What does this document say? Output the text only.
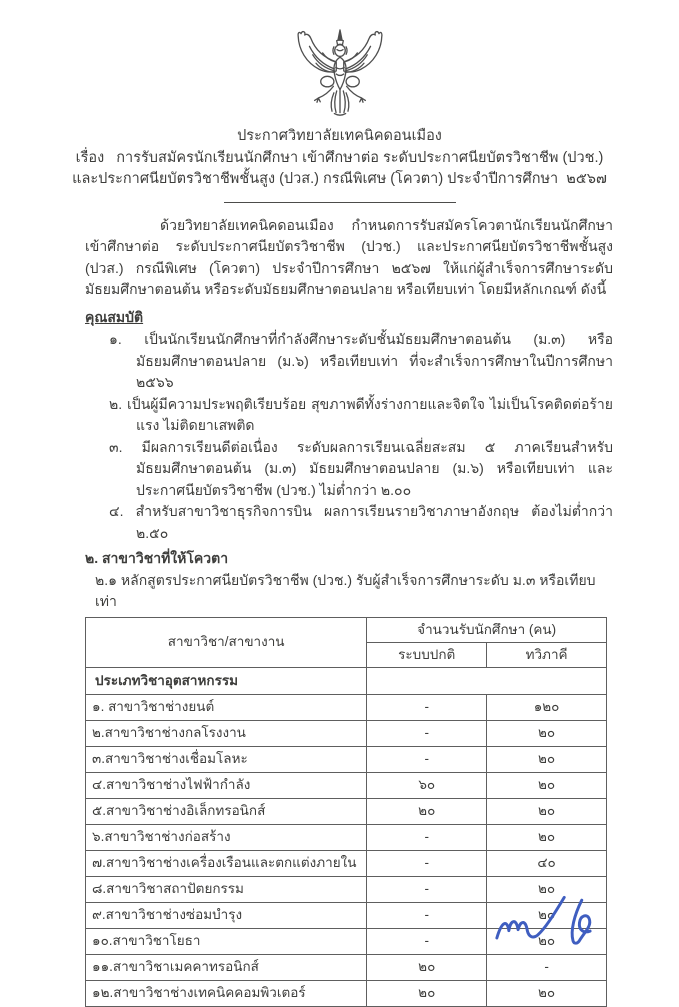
ประกาศวิทยาลัยเทคนิคดอนเมือง
เรื่อง   การรับสมัครนักเรียนนักศึกษา เข้าศึกษาต่อ ระดับประกาศนียบัตรวิชาชีพ (ปวช.)
และประกาศนียบัตรวิชาชีพชั้นสูง (ปวส.) กรณีพิเศษ (โควตา) ประจำปีการศึกษา  ๒๕๖๗

ด้วยวิทยาลัยเทคนิคดอนเมือง กำหนดการรับสมัครโควตานักเรียนนักศึกษา เข้าศึกษาต่อ ระดับประกาศนียบัตรวิชาชีพ (ปวช.) และประกาศนียบัตรวิชาชีพชั้นสูง (ปวส.) กรณีพิเศษ (โควตา) ประจำปีการศึกษา ๒๕๖๗ ให้แก่ผู้สำเร็จการศึกษาระดับมัธยมศึกษาตอนต้น หรือระดับมัธยมศึกษาตอนปลาย หรือเทียบเท่า โดยมีหลักเกณฑ์ ดังนี้

คุณสมบัติ
๑. เป็นนักเรียนนักศึกษาที่กำลังศึกษาระดับชั้นมัธยมศึกษาตอนต้น (ม.๓) หรือมัธยมศึกษาตอนปลาย (ม.๖) หรือเทียบเท่า ที่จะสำเร็จการศึกษาในปีการศึกษา ๒๕๖๖
๒. เป็นผู้มีความประพฤติเรียบร้อย สุขภาพดีทั้งร่างกายและจิตใจ ไม่เป็นโรคติดต่อร้ายแรง ไม่ติดยาเสพติด
๓. มีผลการเรียนดีต่อเนื่อง ระดับผลการเรียนเฉลี่ยสะสม ๕ ภาคเรียนสำหรับมัธยมศึกษาตอนต้น (ม.๓) มัธยมศึกษาตอนปลาย (ม.๖) หรือเทียบเท่า และประกาศนียบัตรวิชาชีพ (ปวช.) ไม่ต่ำกว่า ๒.๐๐
๔. สำหรับสาขาวิชาธุรกิจการบิน ผลการเรียนรายวิชาภาษาอังกฤษ ต้องไม่ต่ำกว่า ๒.๕๐
๒. สาขาวิชาที่ให้โควตา
๒.๑ หลักสูตรประกาศนียบัตรวิชาชีพ (ปวช.) รับผู้สำเร็จการศึกษาระดับ ม.๓ หรือเทียบเท่า
สาขาวิชา/สาขางาน	จำนวนรับนักศึกษา (คน)	
	ระบบปกติ	ทวิภาคี
ประเภทวิชาอุตสาหกรรม		
๑. สาขาวิชาช่างยนต์	-	๑๒๐
๒.สาขาวิชาช่างกลโรงงาน	-	๒๐
๓.สาขาวิชาช่างเชื่อมโลหะ	-	๒๐
๔.สาขาวิชาช่างไฟฟ้ากำลัง	๖๐	๒๐
๕.สาขาวิชาช่างอิเล็กทรอนิกส์	๒๐	๒๐
๖.สาขาวิชาช่างก่อสร้าง	-	๒๐
๗.สาขาวิชาช่างเครื่องเรือนและตกแต่งภายใน	-	๔๐
๘.สาขาวิชาสถาปัตยกรรม	-	๒๐
๙.สาขาวิชาช่างซ่อมบำรุง	-	๒๐
๑๐.สาขาวิชาโยธา	-	๒๐
๑๑.สาขาวิชาเมคคาทรอนิกส์	๒๐	-
๑๒.สาขาวิชาช่างเทคนิคคอมพิวเตอร์	๒๐	๒๐
